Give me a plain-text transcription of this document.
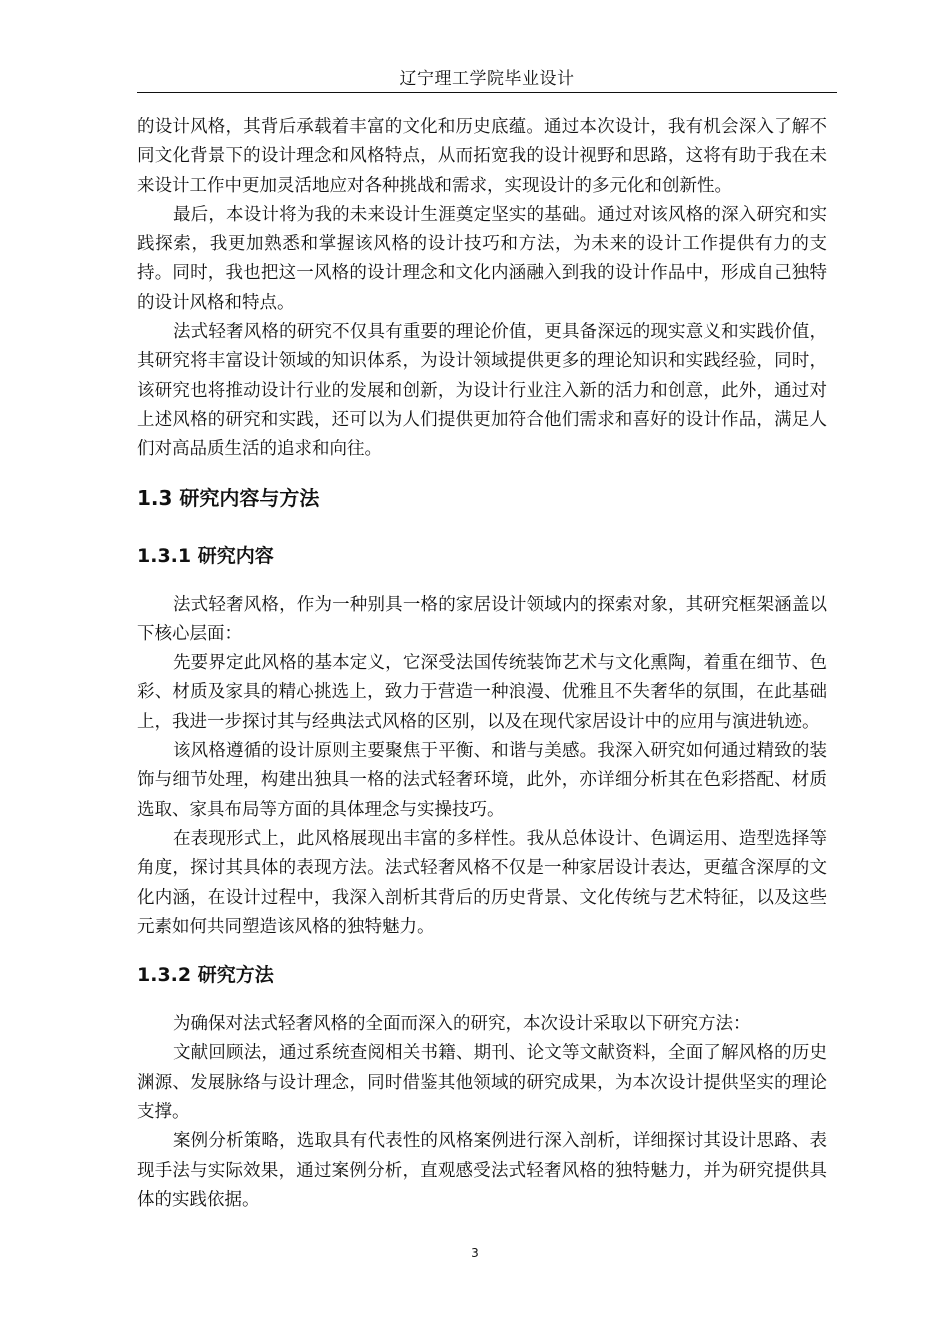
辽宁理工学院毕业设计

的设计风格，其背后承载着丰富的文化和历史底蕴。通过本次设计，我有机会深入了解不同文化背景下的设计理念和风格特点，从而拓宽我的设计视野和思路，这将有助于我在未来设计工作中更加灵活地应对各种挑战和需求，实现设计的多元化和创新性。

最后，本设计将为我的未来设计生涯奠定坚实的基础。通过对该风格的深入研究和实践探索，我更加熟悉和掌握该风格的设计技巧和方法，为未来的设计工作提供有力的支持。同时，我也把这一风格的设计理念和文化内涵融入到我的设计作品中，形成自己独特的设计风格和特点。

法式轻奢风格的研究不仅具有重要的理论价值，更具备深远的现实意义和实践价值，其研究将丰富设计领域的知识体系，为设计领域提供更多的理论知识和实践经验，同时，该研究也将推动设计行业的发展和创新，为设计行业注入新的活力和创意，此外，通过对上述风格的研究和实践，还可以为人们提供更加符合他们需求和喜好的设计作品，满足人们对高品质生活的追求和向往。

1.3 研究内容与方法
1.3.1 研究内容

法式轻奢风格，作为一种别具一格的家居设计领域内的探索对象，其研究框架涵盖以下核心层面：

先要界定此风格的基本定义，它深受法国传统装饰艺术与文化熏陶，着重在细节、色彩、材质及家具的精心挑选上，致力于营造一种浪漫、优雅且不失奢华的氛围，在此基础上，我进一步探讨其与经典法式风格的区别，以及在现代家居设计中的应用与演进轨迹。

该风格遵循的设计原则主要聚焦于平衡、和谐与美感。我深入研究如何通过精致的装饰与细节处理，构建出独具一格的法式轻奢环境，此外，亦详细分析其在色彩搭配、材质选取、家具布局等方面的具体理念与实操技巧。

在表现形式上，此风格展现出丰富的多样性。我从总体设计、色调运用、造型选择等角度，探讨其具体的表现方法。法式轻奢风格不仅是一种家居设计表达，更蕴含深厚的文化内涵，在设计过程中，我深入剖析其背后的历史背景、文化传统与艺术特征，以及这些元素如何共同塑造该风格的独特魅力。

1.3.2 研究方法

为确保对法式轻奢风格的全面而深入的研究，本次设计采取以下研究方法：

文献回顾法，通过系统查阅相关书籍、期刊、论文等文献资料，全面了解风格的历史渊源、发展脉络与设计理念，同时借鉴其他领域的研究成果，为本次设计提供坚实的理论支撑。

案例分析策略，选取具有代表性的风格案例进行深入剖析，详细探讨其设计思路、表现手法与实际效果，通过案例分析，直观感受法式轻奢风格的独特魅力，并为研究提供具体的实践依据。

3
